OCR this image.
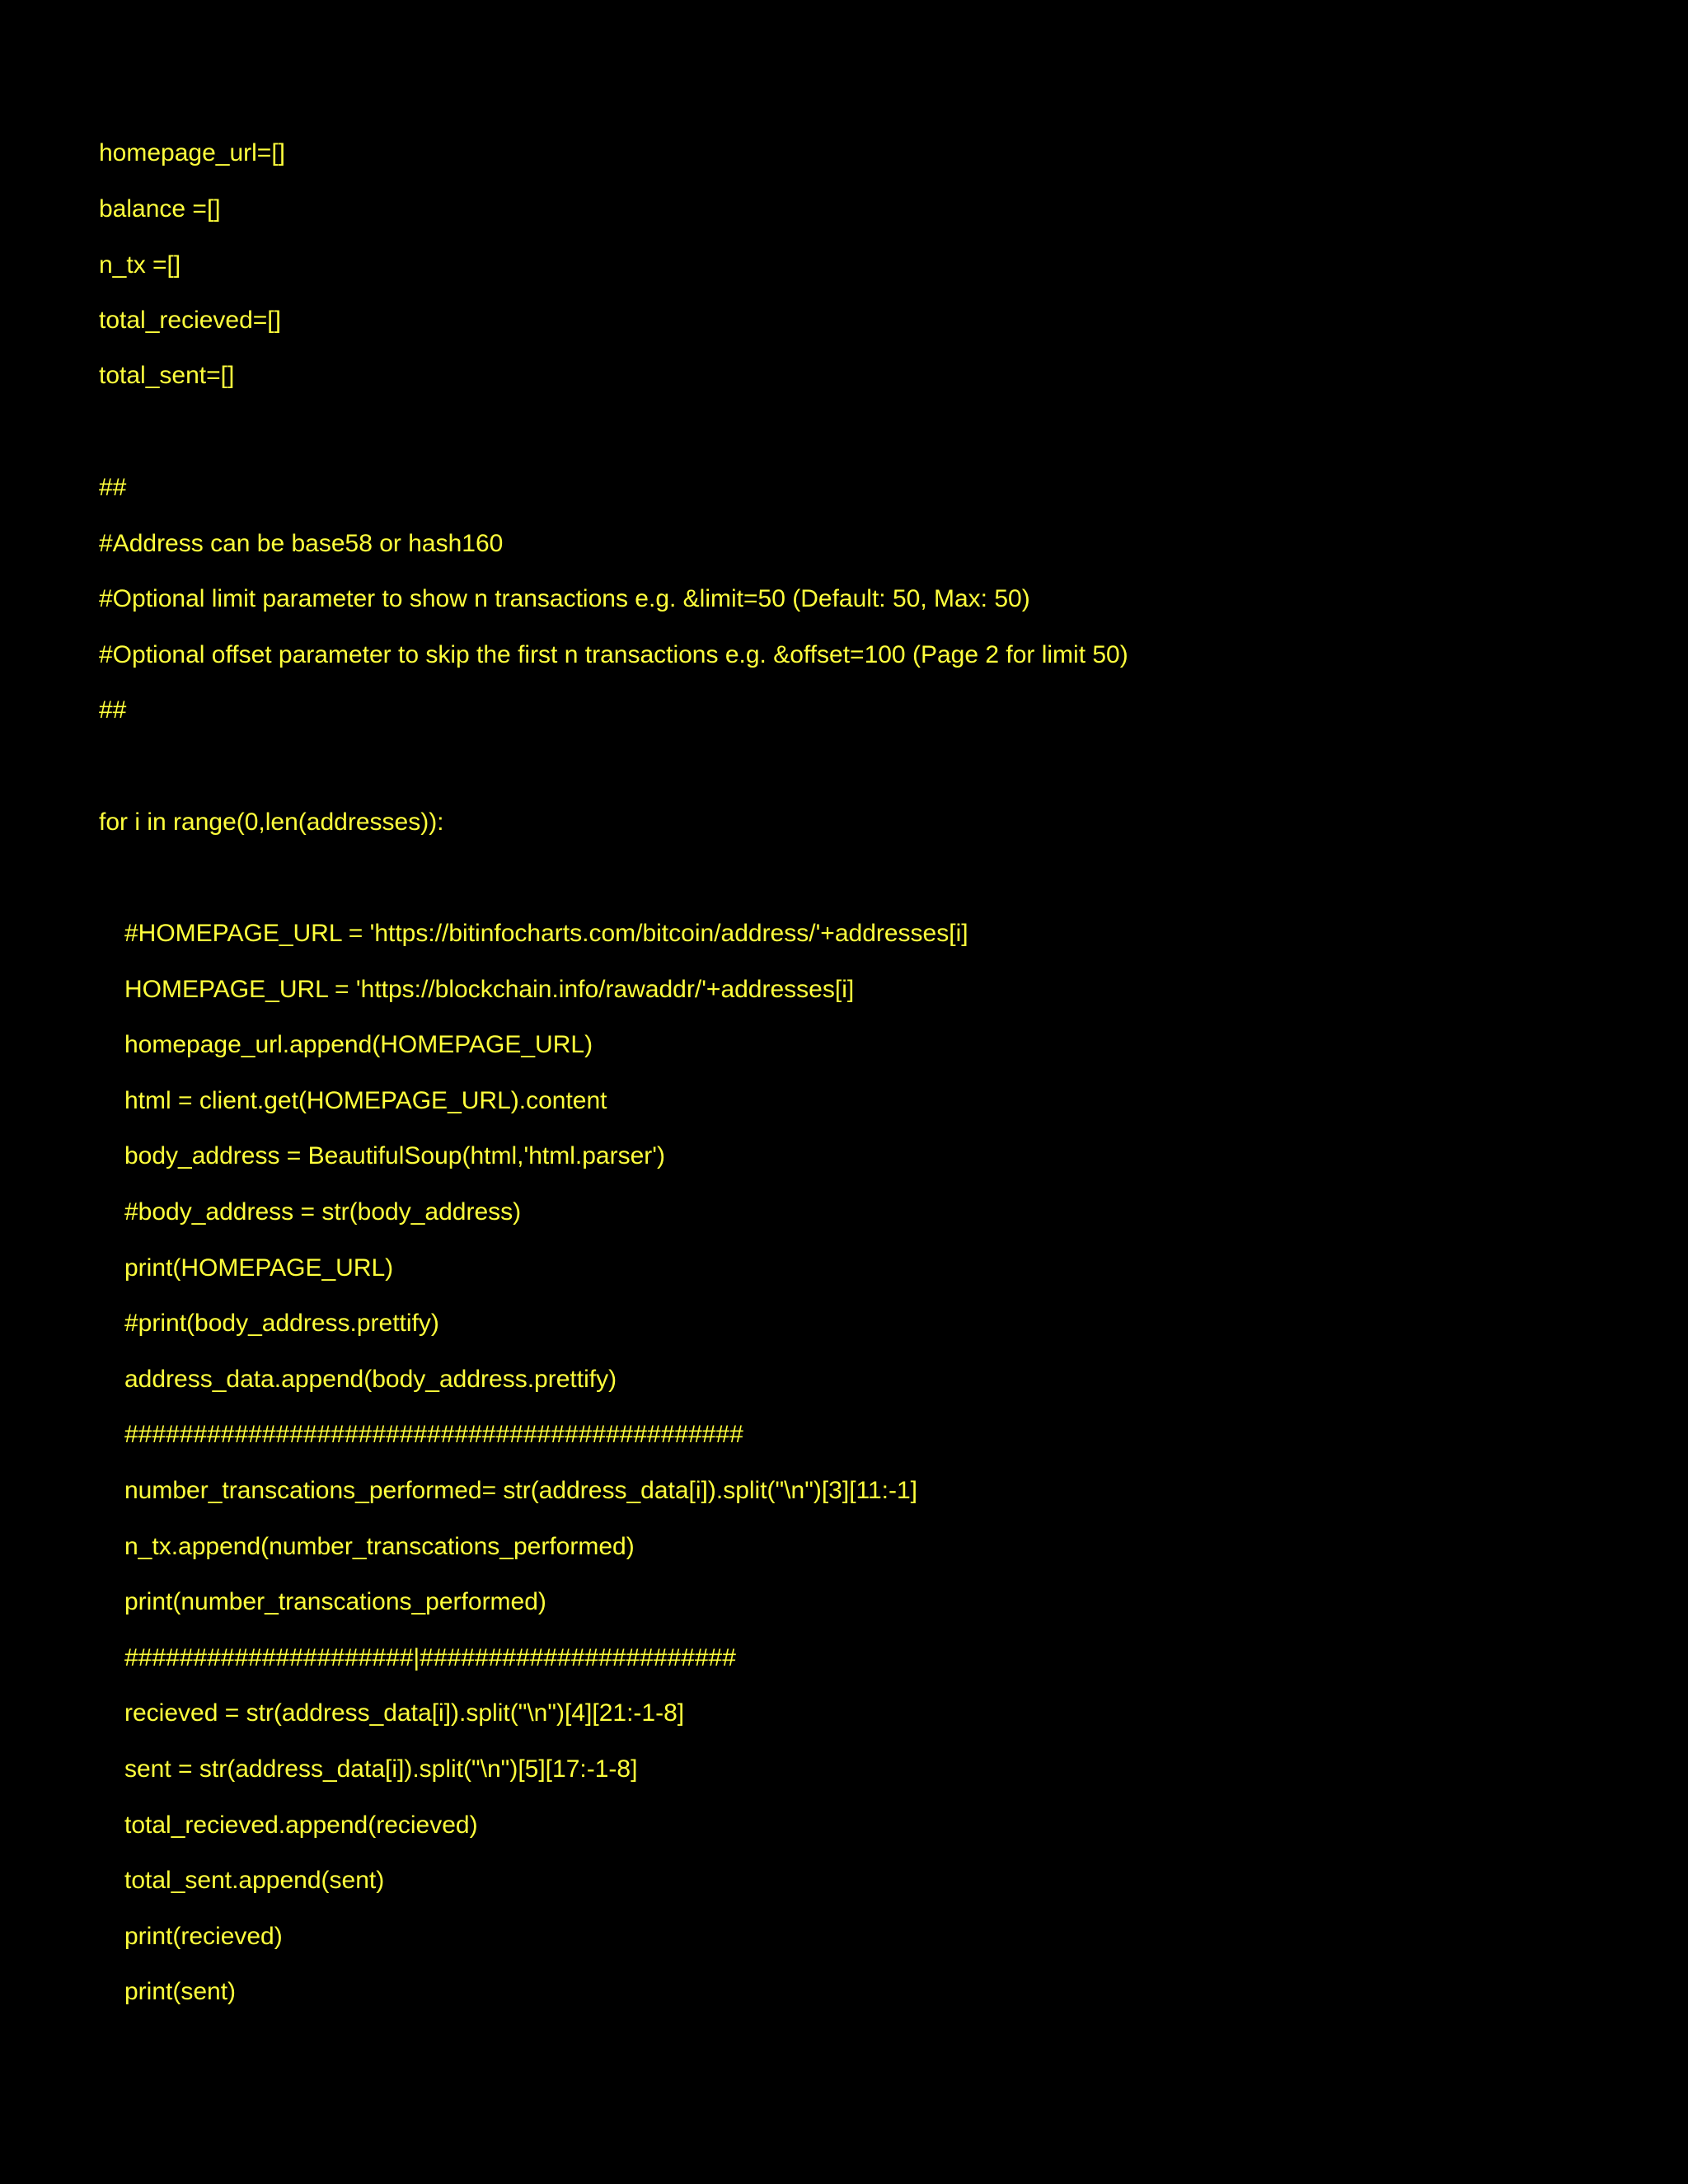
homepage_url=[]
balance =[]
n_tx =[]
total_recieved=[]
total_sent=[]
##
#Address can be base58 or hash160
#Optional limit parameter to show n transactions e.g. &limit=50 (Default: 50, Max: 50)
#Optional offset parameter to skip the first n transactions e.g. &offset=100 (Page 2 for limit 50)
##
for i in range(0,len(addresses)):
#HOMEPAGE_URL = 'https://bitinfocharts.com/bitcoin/address/'+addresses[i]
HOMEPAGE_URL = 'https://blockchain.info/rawaddr/'+addresses[i]
homepage_url.append(HOMEPAGE_URL)
html = client.get(HOMEPAGE_URL).content
body_address = BeautifulSoup(html,'html.parser')
#body_address = str(body_address)
print(HOMEPAGE_URL)
#print(body_address.prettify)
address_data.append(body_address.prettify)
#############################################
number_transcations_performed= str(address_data[i]).split("\n")[3][11:-1]
n_tx.append(number_transcations_performed)
print(number_transcations_performed)
#####################|#######################
recieved = str(address_data[i]).split("\n")[4][21:-1-8]
sent = str(address_data[i]).split("\n")[5][17:-1-8]
total_recieved.append(recieved)
total_sent.append(sent)
print(recieved)
print(sent)
